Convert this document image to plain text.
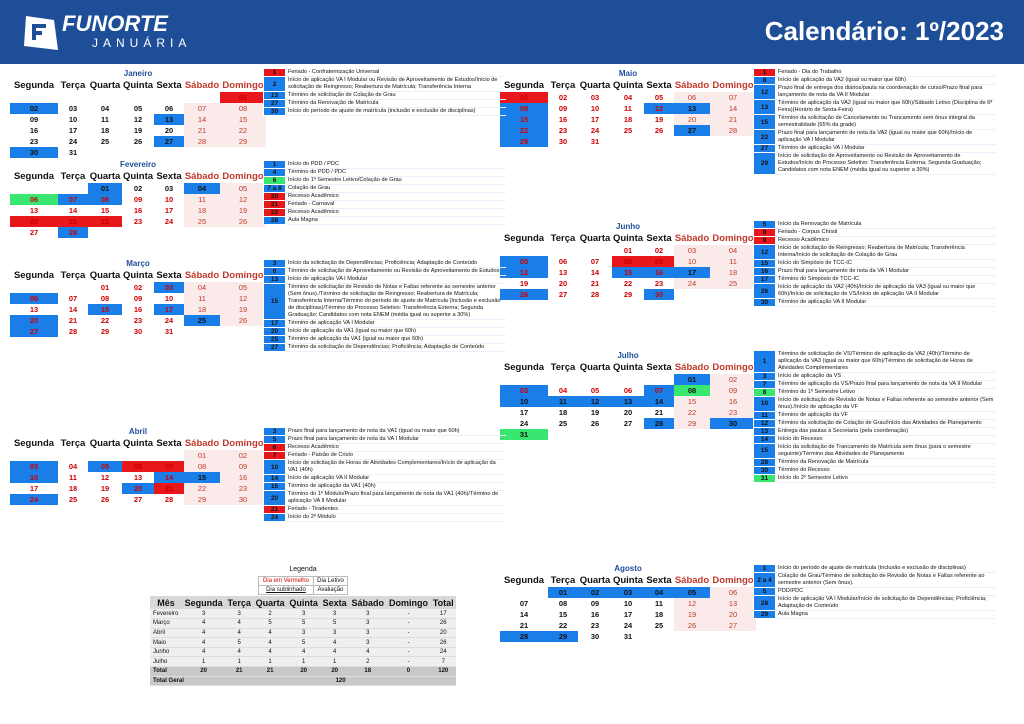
FUNORTE
JANUÁRIA	Calendário: 1º/2023
Janeiro
Segunda	Terça	Quarta	Quinta	Sexta	Sábado	Domingo
						01
02	03	04	05	06	07	08
09	10	11	12	13	14	15
16	17	18	19	20	21	22
23	24	25	26	27	28	29
30	31					
Fevereiro
Segunda	Terça	Quarta	Quinta	Sexta	Sábado	Domingo
		01	02	03	04	05
06	07	08	09	10	11	12
13	14	15	16	17	18	19
20	21	22	23	24	25	26
27	28					
Março
Segunda	Terça	Quarta	Quinta	Sexta	Sábado	Domingo
		01	02	03	04	05
06	07	08	09	10	11	12
13	14	15	16	17	18	19
20	21	22	23	24	25	26
27	28	29	30	31		
Abril
Segunda	Terça	Quarta	Quinta	Sexta	Sábado	Domingo
					01	02
03	04	05	06	07	08	09
10	11	12	13	14	15	16
17	18	19	20	21	22	23
24	25	26	27	28	29	30
Maio
Segunda	Terça	Quarta	Quinta	Sexta	Sábado	Domingo
01	02	03	04	05	06	07
08	09	10	11	12	13	14
15	16	17	18	19	20	21
22	23	24	25	26	27	28
29	30	31				
Junho
Segunda	Terça	Quarta	Quinta	Sexta	Sábado	Domingo
			01	02	03	04
05	06	07	08	09	10	11
12	13	14	15	16	17	18
19	20	21	22	23	24	25
26	27	28	29	30		
Julho
Segunda	Terça	Quarta	Quinta	Sexta	Sábado	Domingo
					01	02
03	04	05	06	07	08	09
10	11	12	13	14	15	16
17	18	19	20	21	22	23
24	25	26	27	28	29	30
31						
Agosto
Segunda	Terça	Quarta	Quinta	Sexta	Sábado	Domingo
	01	02	03	04	05	06
07	08	09	10	11	12	13
14	15	16	17	18	19	20
21	22	23	24	25	26	27
28	29	30	31			
1	Feriado - Confraternização Universal
2	Início de aplicação VA I Modular ou Revisão de Aproveitamento de Estudos/Início de solicitação de Reingresso; Reabertura de Matrícula; Transferência Interna
13	Término de solicitação de Colação de Grau
27	Término da Renovação de Matrícula
30	Início do período de ajuste de matrícula (inclusão e exclusão de disciplinas)
1	Início do PDD / PDC
4	Término do PDD / PDC
6	Início do 1º Semestre Letivo/Colação de Grau
7 a 8	Colação de Grau
20	Recesso Acadêmico
21	Feriado - Carnaval
22	Recesso Acadêmico
28	Aula Magna
3	Início da solicitação de Dependências; Proficiência; Adaptação de Conteúdo
6	Término de solicitação de Aproveitamento ou Revisão de Aproveitamento de Estudos
13	Início de aplicação VA I Modular
15	Término de solicitação de Revisão de Notas e Faltas referente ao semestre anterior (Sem ônus)./Término de solicitação de Reingresso; Reabertura de Matrícula; Transferência Interna/Término do período de ajuste de Matrícula (Inclusão e exclusão de disciplinas)/Término do Processo Seletivo: Transferência Externa; Segunda Graduação; Candidatos com nota ENEM (média igual ou superior a 30%)
17	Término de aplicação VA I Modular
20	Início de aplicação da VA1 (igual ou maior que 60h)
25	Término de aplicação da VA1 (igual ou maior que 60h)
27	Término da solicitação de Dependências; Proficiência; Adaptação de Conteúdo
3	Prazo final para lançamento de nota da VA1 (igual ou maior que 60h)
5	Prazo final para lançamento de nota da VA I Modular
6	Recesso Acadêmico
7	Feriado - Paixão de Cristo
10	Início de solicitação de Horas de Atividades Complementares/Início de aplicação da VA1 (40h)
14	Início de aplicação VA II Modular
15	Término de aplicação da VA1 (40h)
20	Término do 1º Módulo/Prazo final para lançamento de nota da VA1 (40h)/Término de aplicação VA II Modular
21	Feriado - Tiradentes
24	Início do 2º Módulo
1	Feriado - Dia do Trabalho
8	Início de aplicação da VA2 (igual ou maior que 60h)
12	Prazo final de entrega dos diários/pauta na coordenação de curso/Prazo final para lançamento de nota da VA II Modular
13	Término de aplicação da VA2 (igual ou maior que 60h)/Sábado Letivo (Disciplina de 6ª Feira)(Horário de Sexta-Feira)
15	Término da solicitação de Cancelamento ou Trancamento sem ônus integral da semestralidade (65% da grade)
22	Prazo final para lançamento de nota da VA2 (igual ou maior que 60h)/Início de aplicação VA I Modular
27	Término de aplicação VA I Modular
29	Início de solicitação de Aproveitamento ou Revisão de Aproveitamento de Estudos/Início do Processo Seletivo: Transferência Externa; Segunda Graduação; Candidatos com nota ENEM (média igual ou superior a 30%)
5	Início da Renovação de Matrícula
8	Feriado - Corpus Christi
9	Recesso Acadêmico
12	Início de solicitação de Reingresso; Reabertura de Matrícula; Transferência Interna/Início de solicitação de Colação de Grau
15	Início do Simpósio de TCC-IC
16	Prazo final para lançamento de nota da VA I Modular
17	Término do Simpósio de TCC-IC
26	Início de aplicação da VA2 (40h)/Início de aplicação da VA3 (igual ou maior que 60h)/Início de solicitação de VS/Início de aplicação VA II Modular
30	Término de aplicação VA II Modular
1	Término de solicitação de VS/Término de aplicação da VA2 (40h)/Término de aplicação da VA3 (igual ou maior que 60h)/Término de solicitação de Horas de Atividades Complementares
3	Início de aplicação da VS
7	Término de aplicação da VS/Prazo final para lançamento de nota da VA II Modular
8	Término do 1º Semestre Letivo
10	Início de solicitação de Revisão de Notas e Faltas referente ao semestre anterior (Sem ônus)./Início de aplicação da VF
11	Término de aplicação da VF
12	Término da solicitação de Colação de Grau/Início das Atividades de Planejamento
13	Entrega das pautas à Secretaria (pela coordenação)
14	Início do Recesso
15	Início da solicitação de Trancamento de Matrícula sem ônus (para o semestre seguinte)/Término das Atividades de Planejamento
28	Término da Renovação de Matrícula
30	Término do Recesso
31	Início do 2º Semestre Letivo
1	Início do período de ajuste de matrícula (Inclusão e exclusão de disciplinas)
2 a 4	Colação de Grau/Término de solicitação de Revisão de Notas e Faltas referente ao semestre anterior (Sem ônus).
5	PDD/PDC
28	Início de aplicação VA I Modular/Início de solicitação de Dependências; Proficiência; Adaptação de Conteúdo
29	Aula Magna
Legenda
Dia em Vermelho	Dia Letivo
Dia sublinhado	Avaliação
Mês	Segunda	Terça	Quarta	Quinta	Sexta	Sábado	Domingo	Total
Fevereiro	3	3	2	3	3	3	-	17
Março	4	4	5	5	5	3	-	26
Abril	4	4	4	3	3	3	-	20
Maio	4	5	4	5	4	3	-	26
Junho	4	4	4	4	4	4	-	24
Julho	1	1	1	1	1	2	-	7
Total	20	21	21	20	20	18	0	120
Total Geral		120						
